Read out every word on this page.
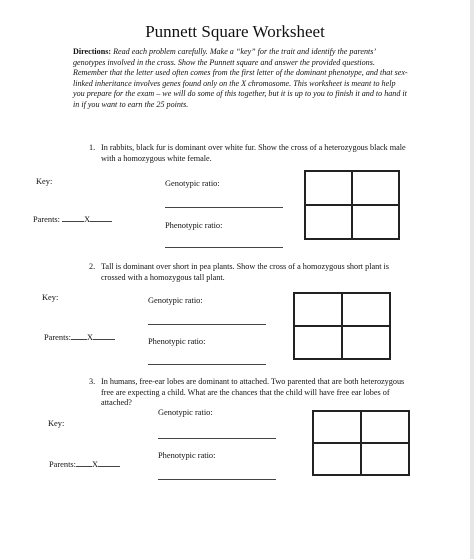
Punnett Square Worksheet
Directions: Read each problem carefully. Make a “key” for the trait and identify the parents’ genotypes involved in the cross. Show the Punnett square and answer the provided questions. Remember that the letter used often comes from the first letter of the dominant phenotype, and that sex-linked inheritance involves genes found only on the X chromosome. This worksheet is meant to help you prepare for the exam – we will do some of this together, but it is up to you to finish it and to hand it in if you want to earn the 25 points.
1. In rabbits, black fur is dominant over white fur. Show the cross of a heterozygous black male with a homozygous white female.
Key:	Genotypic ratio:
Parents:	X
Phenotypic ratio:
2. Tall is dominant over short in pea plants. Show the cross of a homozygous short plant is crossed with a homozygous tall plant.
Key:	Genotypic ratio:
Parents: X	Phenotypic ratio:
3. In humans, free-ear lobes are dominant to attached. Two parented that are both heterozygous free are expecting a child. What are the chances that the child will have free ear lobes of attached?
Genotypic ratio:
Key:
Phenotypic ratio:
Parents: X
